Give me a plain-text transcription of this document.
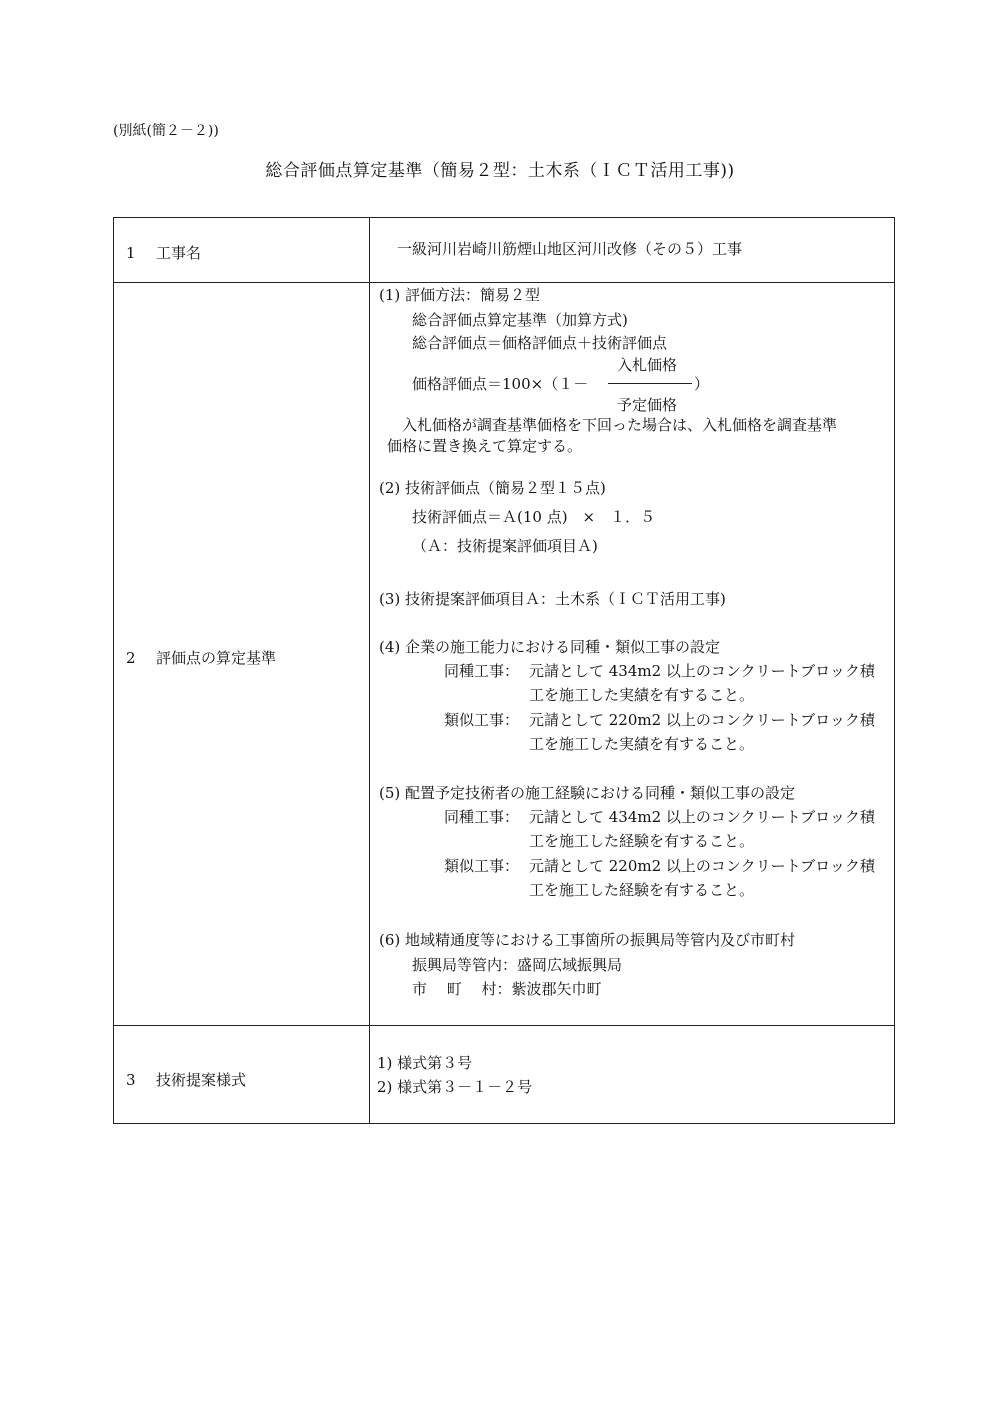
(別紙(簡２－２))
総合評価点算定基準（簡易２型：土木系（ＩＣＴ活用工事))
1 工事名	一級河川岩崎川筋煙山地区河川改修（その５）工事
2 評価点の算定基準
(1) 評価方法：簡易２型
総合評価点算定基準（加算方式)
総合評価点＝価格評価点＋技術評価点
入札価格
価格評価点＝100×（１－	）
予定価格
入札価格が調査基準価格を下回った場合は、入札価格を調査基準
価格に置き換えて算定する。
(2) 技術評価点（簡易２型１５点)
技術評価点＝Ａ(10 点)　×　１．５
（Ａ：技術提案評価項目Ａ)
(3) 技術提案評価項目Ａ：土木系（ＩＣＴ活用工事)
(4) 企業の施工能力における同種・類似工事の設定
同種工事： 元請として 434m2 以上のコンクリートブロック積
工を施工した実績を有すること。
類似工事： 元請として 220m2 以上のコンクリートブロック積
工を施工した実績を有すること。
(5) 配置予定技術者の施工経験における同種・類似工事の設定
同種工事： 元請として 434m2 以上のコンクリートブロック積
工を施工した経験を有すること。
類似工事： 元請として 220m2 以上のコンクリートブロック積
工を施工した経験を有すること。
(6) 地域精通度等における工事箇所の振興局等管内及び市町村
振興局等管内：盛岡広域振興局
市　 町　 村：紫波郡矢巾町
3 技術提案様式
1) 様式第３号
2) 様式第３－１－２号
